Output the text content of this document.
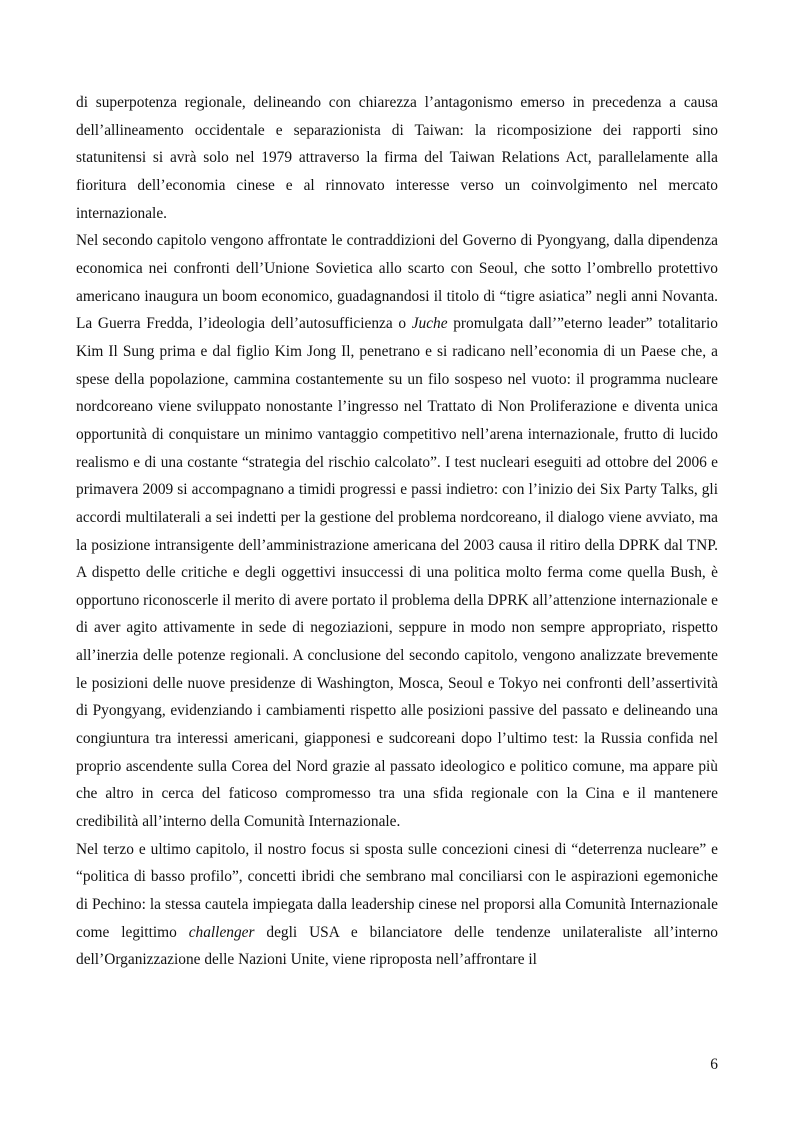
di superpotenza regionale, delineando con chiarezza l’antagonismo emerso in precedenza a causa dell’allineamento occidentale e separazionista di Taiwan: la ricomposizione dei rapporti sino statunitensi si avrà solo nel 1979 attraverso la firma del Taiwan Relations Act, parallelamente alla fioritura dell’economia cinese e al rinnovato interesse verso un coinvolgimento nel mercato internazionale.

Nel secondo capitolo vengono affrontate le contraddizioni del Governo di Pyongyang, dalla dipendenza economica nei confronti dell’Unione Sovietica allo scarto con Seoul, che sotto l’ombrello protettivo americano inaugura un boom economico, guadagnandosi il titolo di “tigre asiatica” negli anni Novanta. La Guerra Fredda, l’ideologia dell’autosufficienza o Juche promulgata dall’”eterno leader” totalitario Kim Il Sung prima e dal figlio Kim Jong Il, penetrano e si radicano nell’economia di un Paese che, a spese della popolazione, cammina costantemente su un filo sospeso nel vuoto: il programma nucleare nordcoreano viene sviluppato nonostante l’ingresso nel Trattato di Non Proliferazione e diventa unica opportunità di conquistare un minimo vantaggio competitivo nell’arena internazionale, frutto di lucido realismo e di una costante “strategia del rischio calcolato”. I test nucleari eseguiti ad ottobre del 2006 e primavera 2009 si accompagnano a timidi progressi e passi indietro: con l’inizio dei Six Party Talks, gli accordi multilaterali a sei indetti per la gestione del problema nordcoreano, il dialogo viene avviato, ma la posizione intransigente dell’amministrazione americana del 2003 causa il ritiro della DPRK dal TNP. A dispetto delle critiche e degli oggettivi insuccessi di una politica molto ferma come quella Bush, è opportuno riconoscerle il merito di avere portato il problema della DPRK all’attenzione internazionale e di aver agito attivamente in sede di negoziazioni, seppure in modo non sempre appropriato, rispetto all’inerzia delle potenze regionali. A conclusione del secondo capitolo, vengono analizzate brevemente le posizioni delle nuove presidenze di Washington, Mosca, Seoul e Tokyo nei confronti dell’assertività di Pyongyang, evidenziando i cambiamenti rispetto alle posizioni passive del passato e delineando una congiuntura tra interessi americani, giapponesi e sudcoreani dopo l’ultimo test: la Russia confida nel proprio ascendente sulla Corea del Nord grazie al passato ideologico e politico comune, ma appare più che altro in cerca del faticoso compromesso tra una sfida regionale con la Cina e il mantenere credibilità all’interno della Comunità Internazionale.

Nel terzo e ultimo capitolo, il nostro focus si sposta sulle concezioni cinesi di “deterrenza nucleare” e “politica di basso profilo”, concetti ibridi che sembrano mal conciliarsi con le aspirazioni egemoniche di Pechino: la stessa cautela impiegata dalla leadership cinese nel proporsi alla Comunità Internazionale come legittimo challenger degli USA e bilanciatore delle tendenze unilateraliste all’interno dell’Organizzazione delle Nazioni Unite, viene riproposta nell’affrontare il

6
